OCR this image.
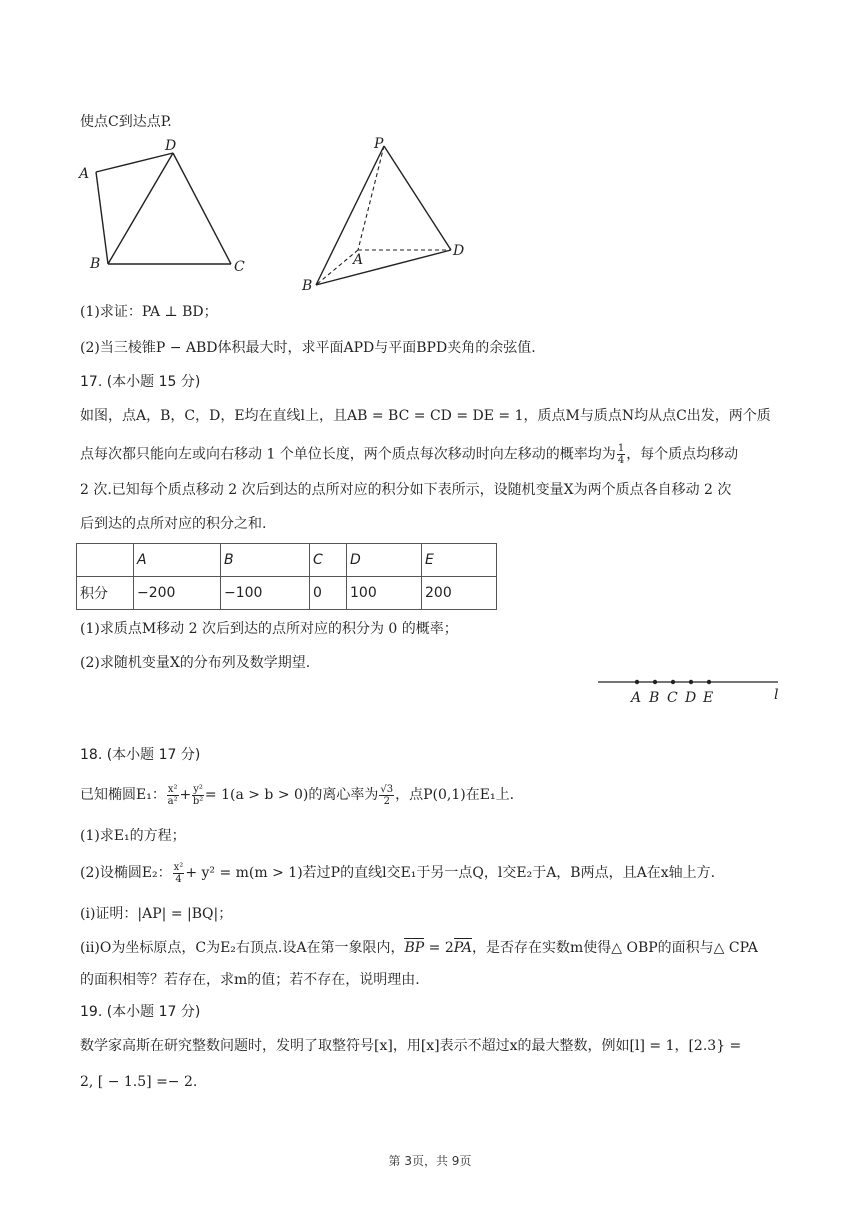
使点C到达点P.
A
D
B	C
P
A
B
D
(1)求证：PA ⊥ BD；
(2)当三棱锥P − ABD体积最大时，求平面APD与平面BPD夹角的余弦值.
17. (本小题 15 分)
如图，点A，B，C，D，E均在直线l上，且AB = BC = CD = DE = 1，质点M与质点N均从点C出发，两个质
点每次都只能向左或向右移动 1 个单位长度，两个质点每次移动时向左移动的概率均为 $\frac{1}{4}$ ，每个质点均移动
2 次.已知每个质点移动 2 次后到达的点所对应的积分如下表所示，设随机变量X为两个质点各自移动 2 次
后到达的点所对应的积分之和.
	A	B	C	D	E
积分	−200	−100	0	100	200
(1)求质点M移动 2 次后到达的点所对应的积分为 0 的概率；
(2)求随机变量X的分布列及数学期望.
A B C D E	l
18. (本小题 17 分)
已知椭圆E₁： $\frac{\text{x²}}{\text{a²}} + \frac{\text{y²}}{\text{b²}} = 1(a > b > 0)$的离心率为 $\frac{√3}{2}$ ，点P(0,1)在E₁上.
(1)求E₁的方程；
(2)设椭圆E₂： $\frac{\text{x²}}{4} + y^2 = m(m > 1)$若过P的直线l交E₁于另一点Q，l交E₂于A，B两点，且A在x轴上方.
(i)证明：|AP| = |BQ|；
(ii)O为坐标原点，C为E₂右顶点.设A在第一象限内，BP = 2PA，是否存在实数m使得△ OBP的面积与△ CPA
的面积相等？若存在，求m的值；若不存在，说明理由.
19. (本小题 17 分)
数学家高斯在研究整数问题时，发明了取整符号[x]，用[x]表示不超过x的最大整数，例如[l] = 1，[2.3} =
2, [ − 1.5] =− 2.
第 3页，共 9页
